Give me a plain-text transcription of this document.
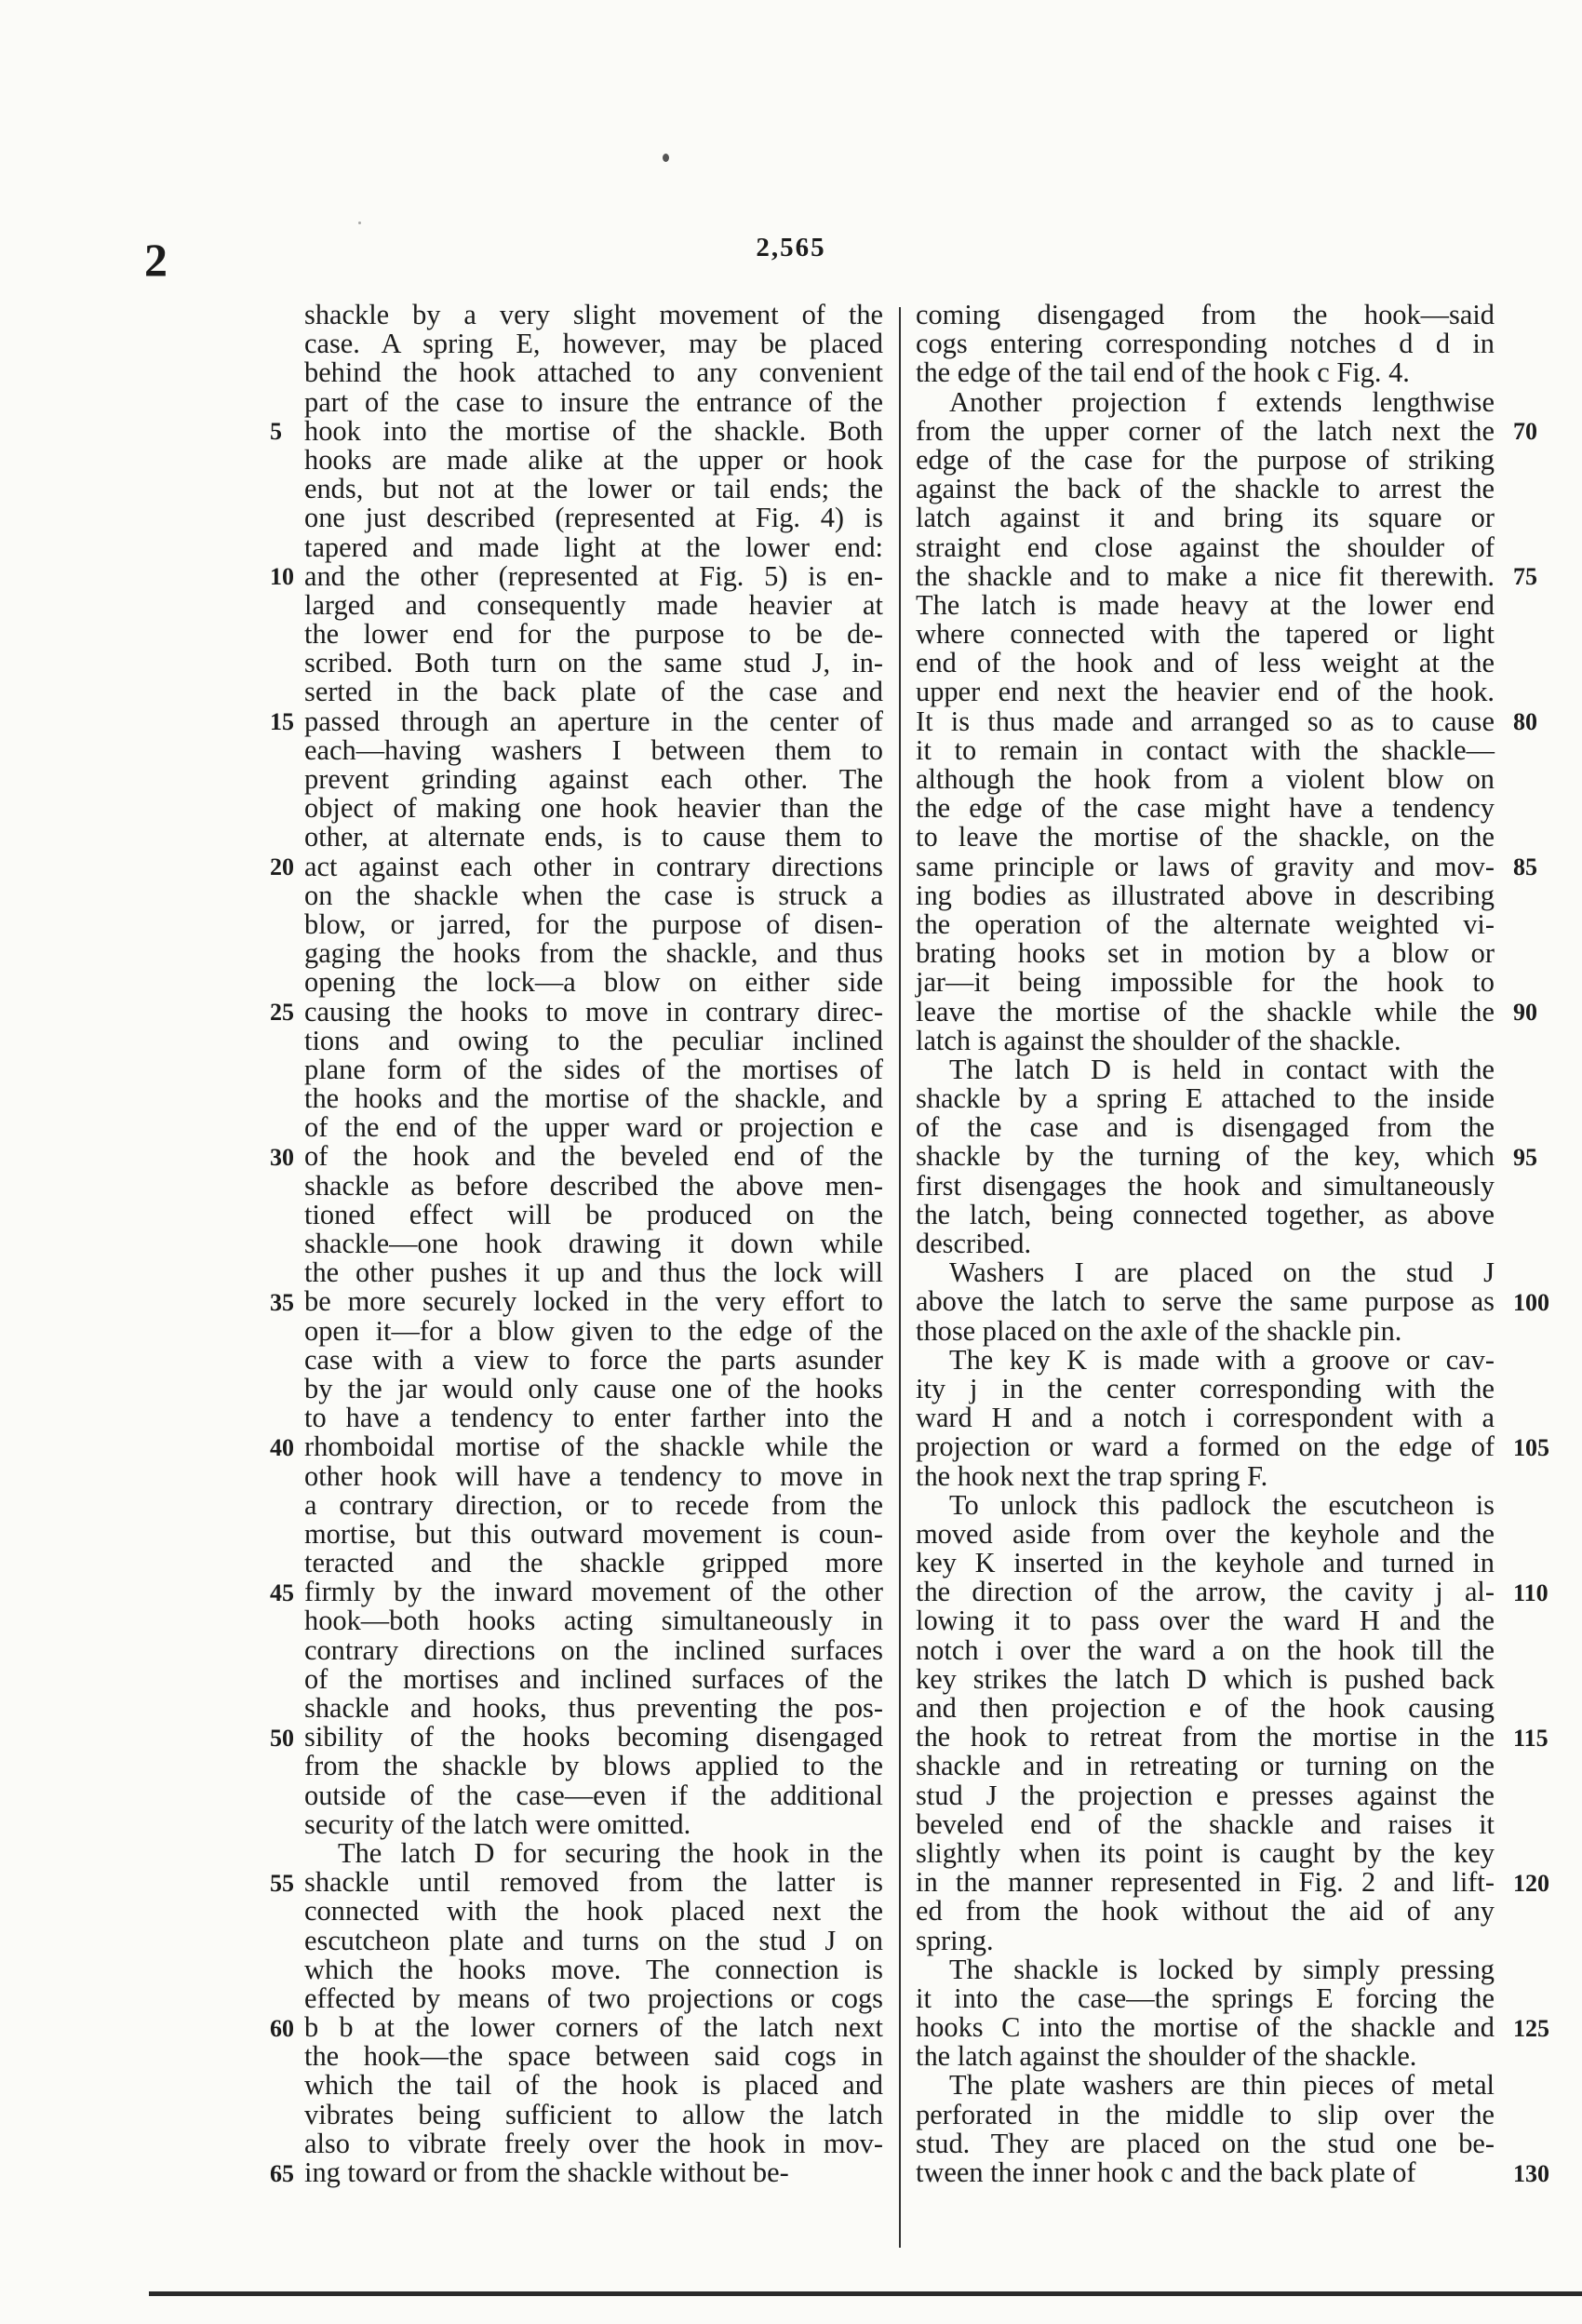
2	2,565
shackle by a very slight movement of the
case. A spring E, however, may be placed
behind the hook attached to any convenient
part of the case to insure the entrance of the
hook into the mortise of the shackle. Both
hooks are made alike at the upper or hook
ends, but not at the lower or tail ends; the
one just described (represented at Fig. 4) is
tapered and made light at the lower end:
and the other (represented at Fig. 5) is en-
larged and consequently made heavier at
the lower end for the purpose to be de-
scribed. Both turn on the same stud J, in-
serted in the back plate of the case and
passed through an aperture in the center of
each—having washers I between them to
prevent grinding against each other. The
object of making one hook heavier than the
other, at alternate ends, is to cause them to
act against each other in contrary directions
on the shackle when the case is struck a
blow, or jarred, for the purpose of disen-
gaging the hooks from the shackle, and thus
opening the lock—a blow on either side
causing the hooks to move in contrary direc-
tions and owing to the peculiar inclined
plane form of the sides of the mortises of
the hooks and the mortise of the shackle, and
of the end of the upper ward or projection e
of the hook and the beveled end of the
shackle as before described the above men-
tioned effect will be produced on the
shackle—one hook drawing it down while
the other pushes it up and thus the lock will
be more securely locked in the very effort to
open it—for a blow given to the edge of the
case with a view to force the parts asunder
by the jar would only cause one of the hooks
to have a tendency to enter farther into the
rhomboidal mortise of the shackle while the
other hook will have a tendency to move in
a contrary direction, or to recede from the
mortise, but this outward movement is coun-
teracted and the shackle gripped more
firmly by the inward movement of the other
hook—both hooks acting simultaneously in
contrary directions on the inclined surfaces
of the mortises and inclined surfaces of the
shackle and hooks, thus preventing the pos-
sibility of the hooks becoming disengaged
from the shackle by blows applied to the
outside of the case—even if the additional
security of the latch were omitted.
The latch D for securing the hook in the
shackle until removed from the latter is
connected with the hook placed next the
escutcheon plate and turns on the stud J on
which the hooks move. The connection is
effected by means of two projections or cogs
b b at the lower corners of the latch next
the hook—the space between said cogs in
which the tail of the hook is placed and
vibrates being sufficient to allow the latch
also to vibrate freely over the hook in mov-
ing toward or from the shackle without be-
coming disengaged from the hook—said
cogs entering corresponding notches d d in
the edge of the tail end of the hook c Fig. 4.
Another projection f extends lengthwise
from the upper corner of the latch next the
edge of the case for the purpose of striking
against the back of the shackle to arrest the
latch against it and bring its square or
straight end close against the shoulder of
the shackle and to make a nice fit therewith.
The latch is made heavy at the lower end
where connected with the tapered or light
end of the hook and of less weight at the
upper end next the heavier end of the hook.
It is thus made and arranged so as to cause
it to remain in contact with the shackle—
although the hook from a violent blow on
the edge of the case might have a tendency
to leave the mortise of the shackle, on the
same principle or laws of gravity and mov-
ing bodies as illustrated above in describing
the operation of the alternate weighted vi-
brating hooks set in motion by a blow or
jar—it being impossible for the hook to
leave the mortise of the shackle while the
latch is against the shoulder of the shackle.
The latch D is held in contact with the
shackle by a spring E attached to the inside
of the case and is disengaged from the
shackle by the turning of the key, which
first disengages the hook and simultaneously
the latch, being connected together, as above
described.
Washers I are placed on the stud J
above the latch to serve the same purpose as
those placed on the axle of the shackle pin.
The key K is made with a groove or cav-
ity j in the center corresponding with the
ward H and a notch i correspondent with a
projection or ward a formed on the edge of
the hook next the trap spring F.
To unlock this padlock the escutcheon is
moved aside from over the keyhole and the
key K inserted in the keyhole and turned in
the direction of the arrow, the cavity j al-
lowing it to pass over the ward H and the
notch i over the ward a on the hook till the
key strikes the latch D which is pushed back
and then projection e of the hook causing
the hook to retreat from the mortise in the
shackle and in retreating or turning on the
stud J the projection e presses against the
beveled end of the shackle and raises it
slightly when its point is caught by the key
in the manner represented in Fig. 2 and lift-
ed from the hook without the aid of any
spring.
The shackle is locked by simply pressing
it into the case—the springs E forcing the
hooks C into the mortise of the shackle and
the latch against the shoulder of the shackle.
The plate washers are thin pieces of metal
perforated in the middle to slip over the
stud. They are placed on the stud one be-
tween the inner hook c and the back plate of
5
10
15
20
25
30
35
40
45
50
55
60
65
70
75
80
85
90
95
100
105
110
115
120
125
130
